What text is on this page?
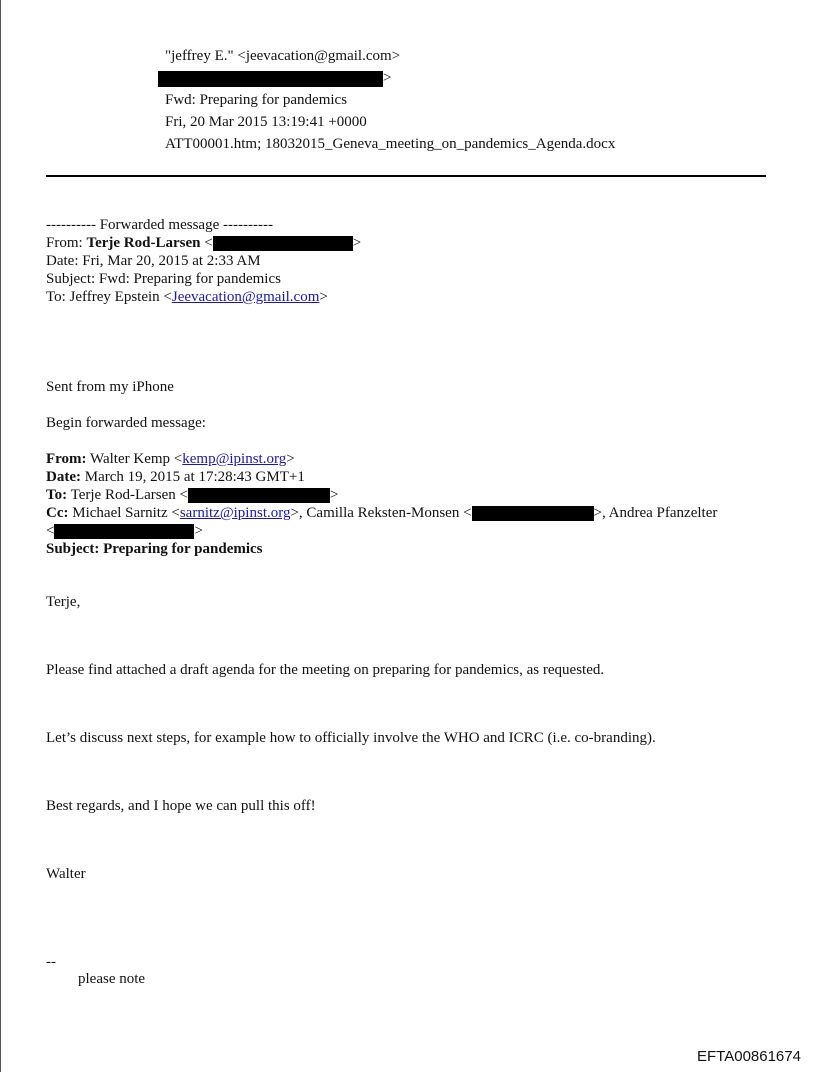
"jeffrey E." <jeevacation@gmail.com>
>
Fwd: Preparing for pandemics
Fri, 20 Mar 2015 13:19:41 +0000
ATT00001.htm; 18032015_Geneva_meeting_on_pandemics_Agenda.docx
---------- Forwarded message ----------
From: Terje Rod-Larsen <	>
Date: Fri, Mar 20, 2015 at 2:33 AM
Subject: Fwd: Preparing for pandemics
To: Jeffrey Epstein <Jeevacation@gmail.com>
Sent from my iPhone
Begin forwarded message:
From: Walter Kemp <kemp@ipinst.org>
Date: March 19, 2015 at 17:28:43 GMT+1
To: Terje Rod-Larsen <	>
Cc: Michael Sarnitz <sarnitz@ipinst.org>, Camilla Reksten-Monsen <	>, Andrea Pfanzelter
<	>
Subject: Preparing for pandemics
Terje,
Please find attached a draft agenda for the meeting on preparing for pandemics, as requested.
Let’s discuss next steps, for example how to officially involve the WHO and ICRC (i.e. co-branding).
Best regards, and I hope we can pull this off!
Walter
--
please note
EFTA00861674
